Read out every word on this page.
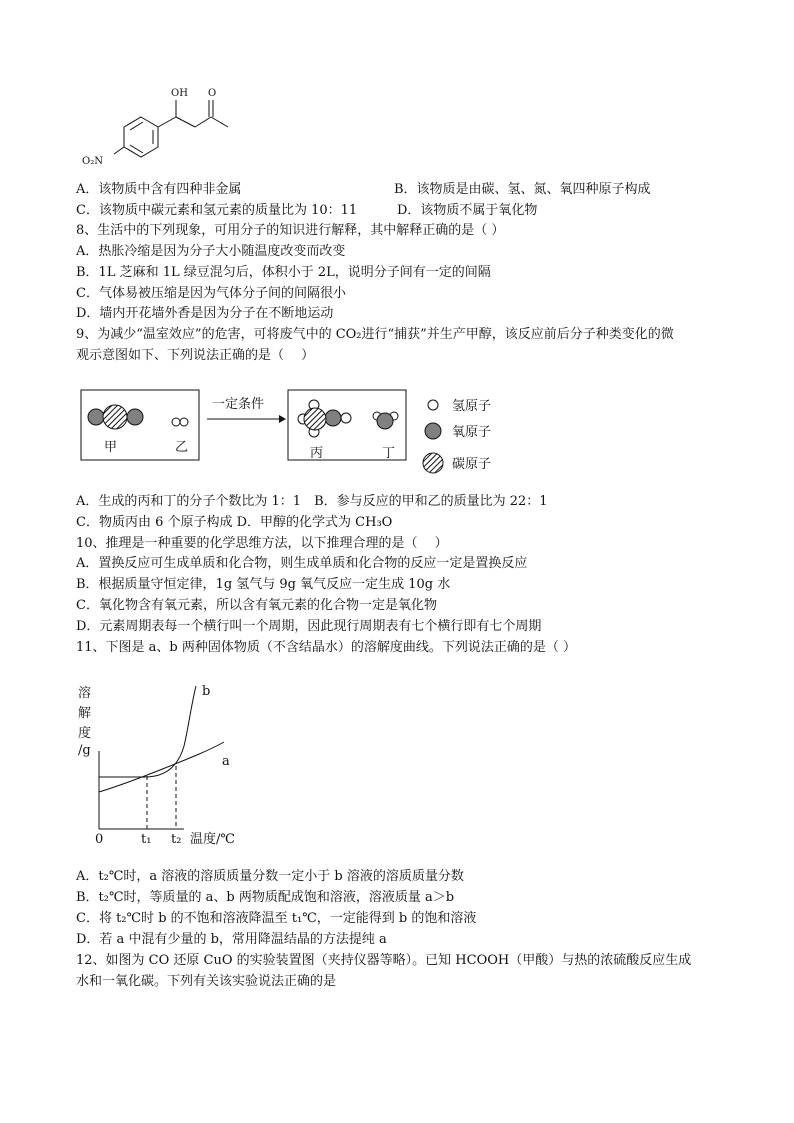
OH O
O₂N
A．该物质中含有四种非金属	B．该物质是由碳、氢、氮、氧四种原子构成
C．该物质中碳元素和氢元素的质量比为 10：11	D．该物质不属于氧化物
8、生活中的下列现象，可用分子的知识进行解释，其中解释正确的是（ ）
A．热胀冷缩是因为分子大小随温度改变而改变
B．1L 芝麻和 1L 绿豆混匀后，体积小于 2L，说明分子间有一定的间隔
C．气体易被压缩是因为气体分子间的间隔很小
D．墙内开花墙外香是因为分子在不断地运动
9、为减少“温室效应”的危害，可将废气中的 CO₂进行“捕获”并生产甲醇，该反应前后分子种类变化的微
观示意图如下、下列说法正确的是（　 ）
甲	乙
一定条件
丙	丁
氢原子
氧原子
碳原子
A．生成的丙和丁的分子个数比为 1：1　B．参与反应的甲和乙的质量比为 22：1
C．物质丙由 6 个原子构成 D．甲醇的化学式为 CH₃O
10、推理是一种重要的化学思维方法，以下推理合理的是（　 ）
A．置换反应可生成单质和化合物，则生成单质和化合物的反应一定是置换反应
B．根据质量守恒定律，1g 氢气与 9g 氧气反应一定生成 10g 水
C．氧化物含有氧元素，所以含有氧元素的化合物一定是氧化物
D．元素周期表每一个横行叫一个周期，因此现行周期表有七个横行即有七个周期
11、下图是 a、b 两种固体物质（不含结晶水）的溶解度曲线。下列说法正确的是（ ）
溶
解
度
/g
b
a
0	t₁ t₂ 温度/℃
A．t₂℃时，a 溶液的溶质质量分数一定小于 b 溶液的溶质质量分数
B．t₂℃时，等质量的 a、b 两物质配成饱和溶液，溶液质量 a＞b
C．将 t₂℃时 b 的不饱和溶液降温至 t₁℃，一定能得到 b 的饱和溶液
D．若 a 中混有少量的 b，常用降温结晶的方法提纯 a
12、如图为 CO 还原 CuO 的实验装置图（夹持仪器等略）。已知 HCOOH（甲酸）与热的浓硫酸反应生成
水和一氧化碳。下列有关该实验说法正确的是
